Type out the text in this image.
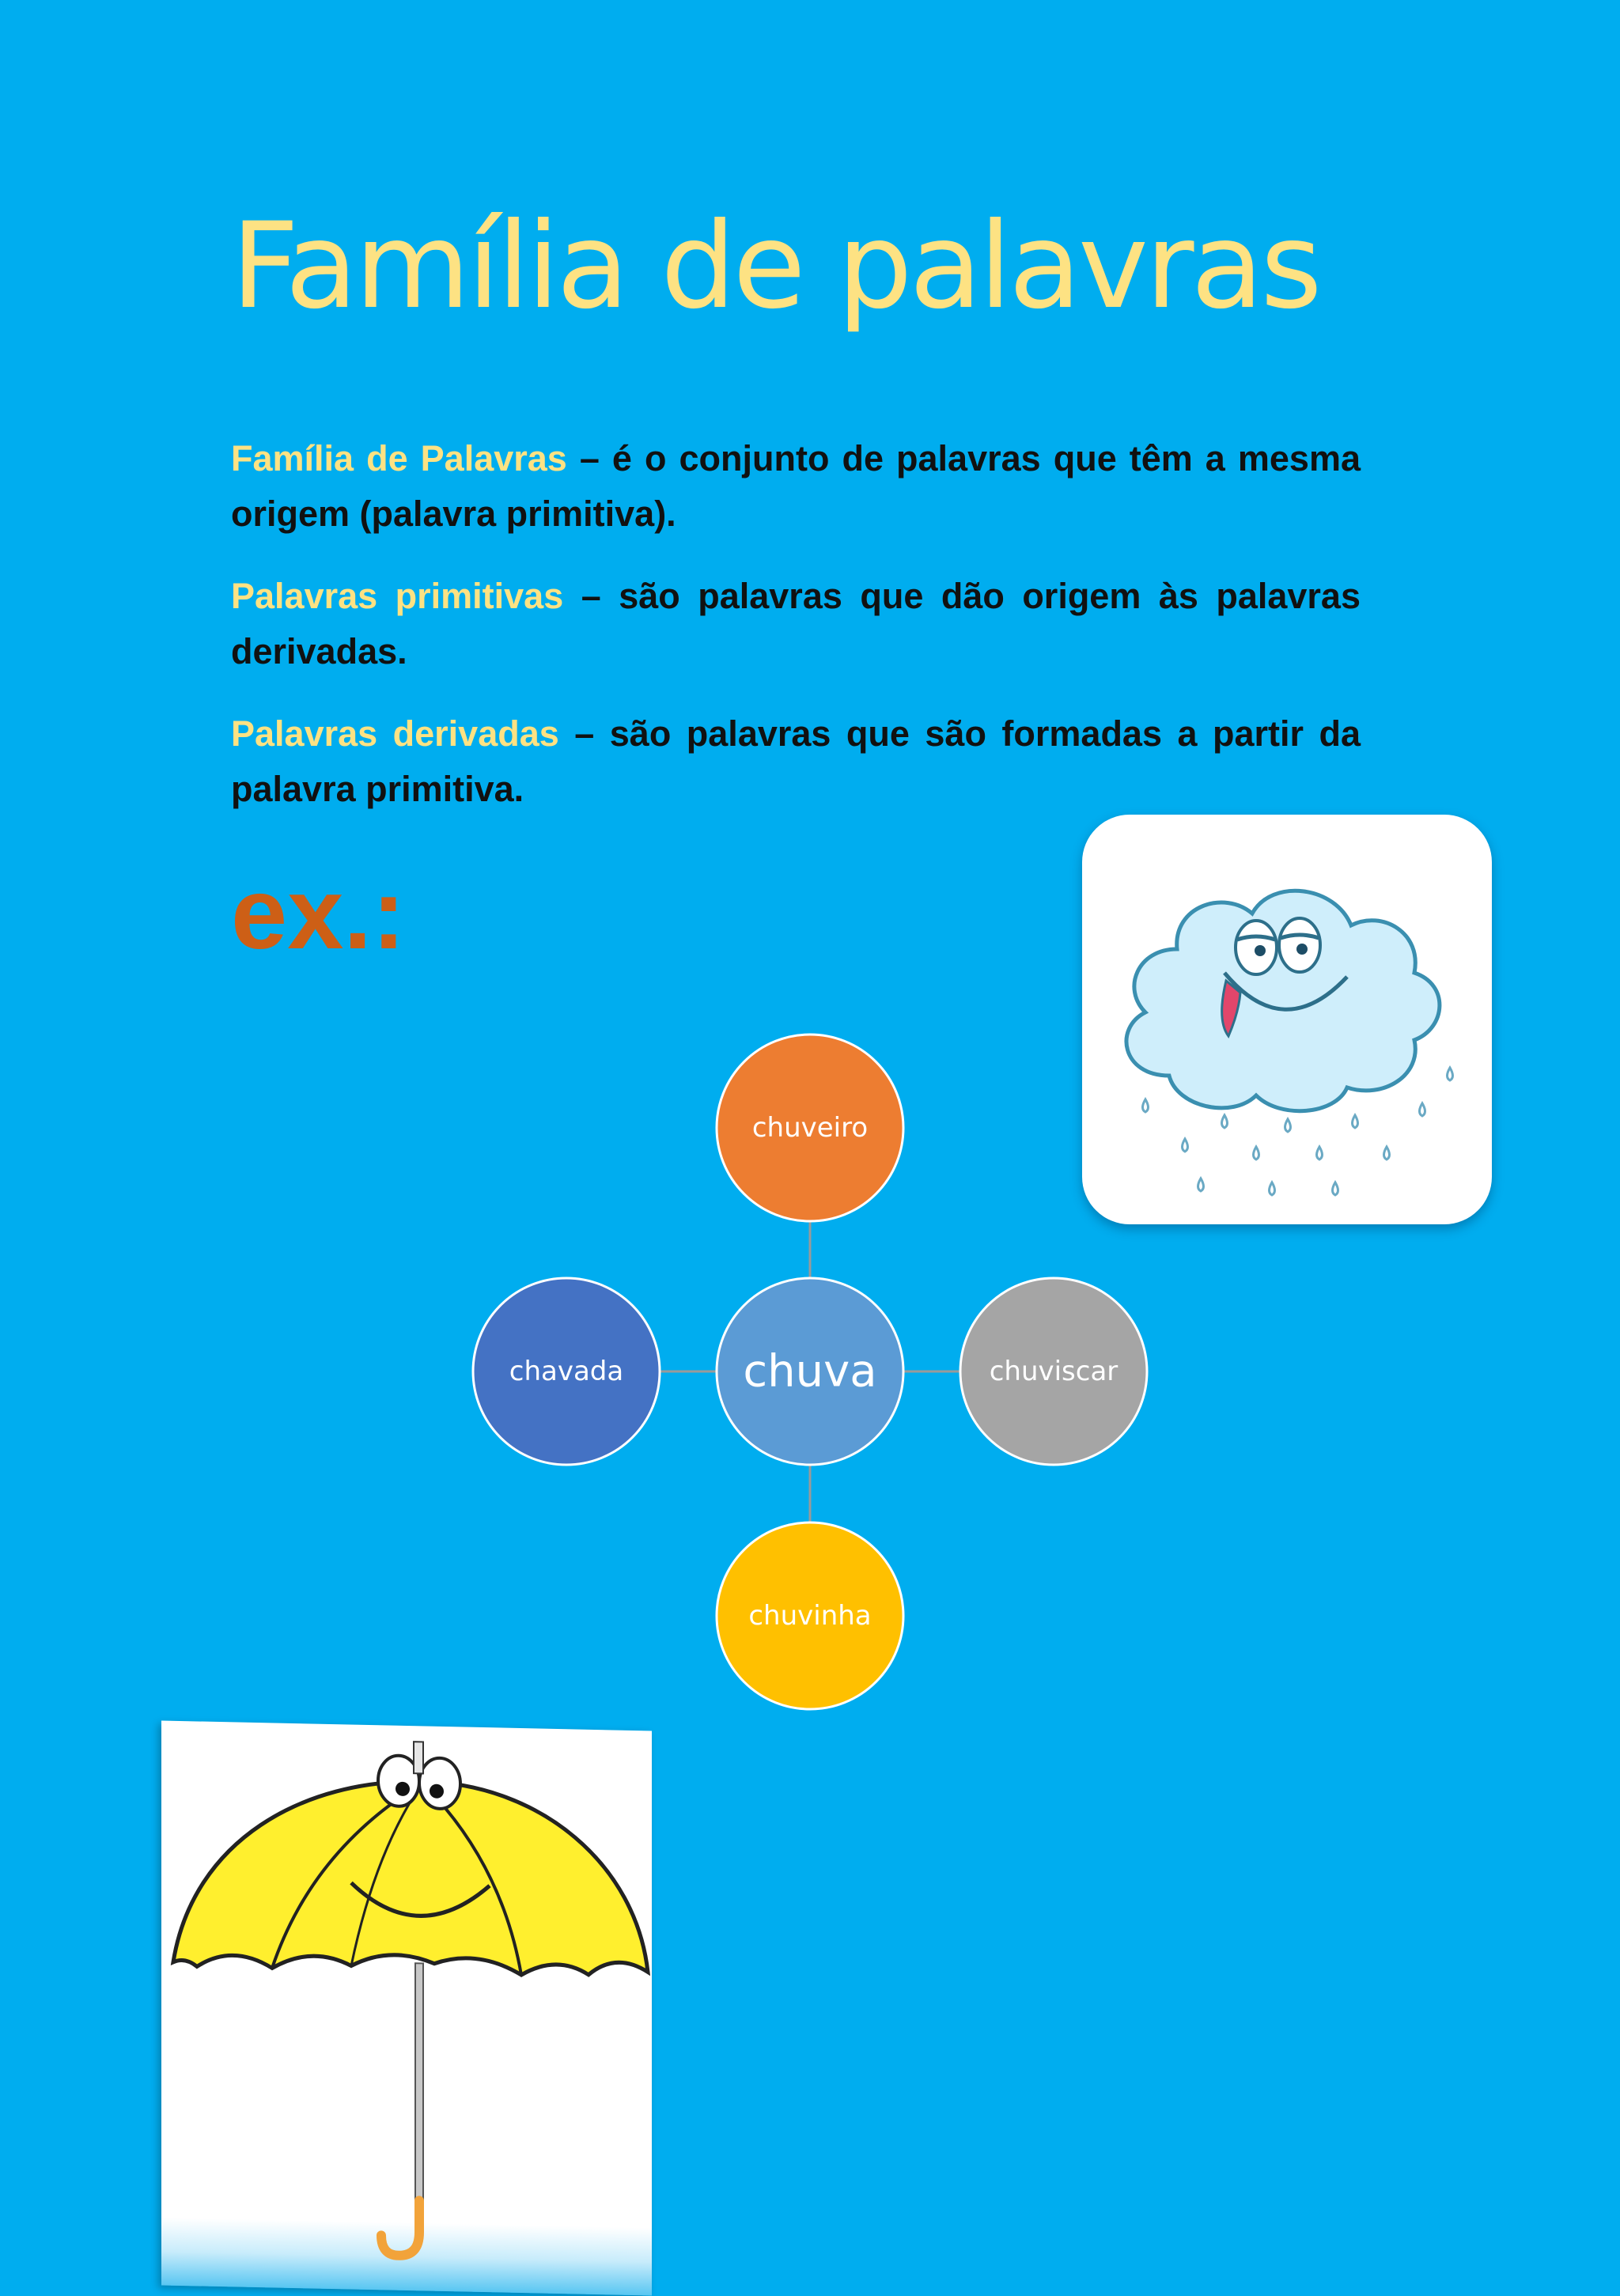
Família de palavras

Família de Palavras – é o conjunto de palavras que têm a mesma origem (palavra primitiva).

Palavras primitivas – são palavras que dão origem às palavras derivadas.

Palavras derivadas – são palavras que são formadas a partir da palavra primitiva.

ex.:
chuveiro
chavada	chuva	chuviscar
chuvinha
